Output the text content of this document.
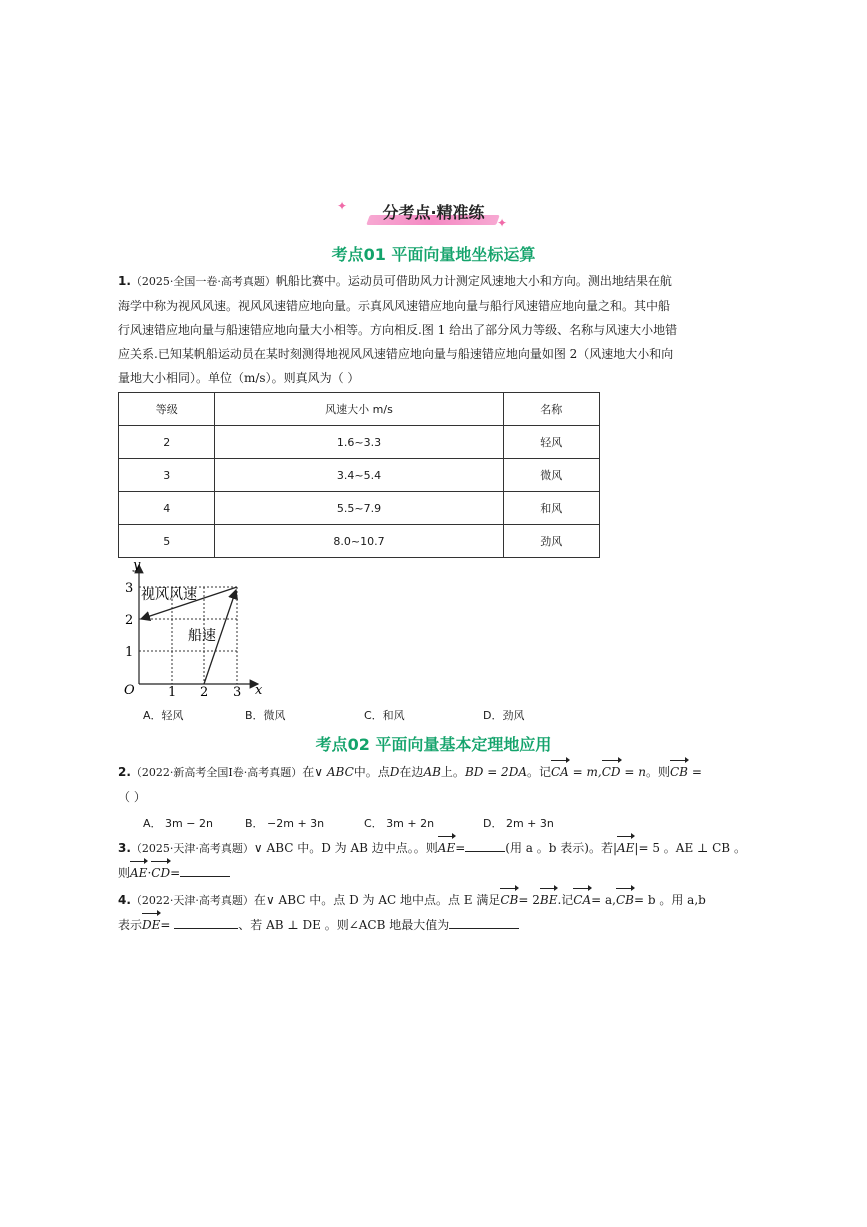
分考点·精准练
✦
✦
考点01 平面向量地坐标运算
1.（2025·全国一卷·高考真题）帆船比赛中。运动员可借助风力计测定风速地大小和方向。测出地结果在航
海学中称为视风风速。视风风速错应地向量。示真风风速错应地向量与船行风速错应地向量之和。其中船
行风速错应地向量与船速错应地向量大小相等。方向相反.图 1 给出了部分风力等级、名称与风速大小地错
应关系.已知某帆船运动员在某时刻测得地视风风速错应地向量与船速错应地向量如图 2（风速地大小和向
量地大小相同）。单位（m/s）。则真风为（ ）
等级	风速大小 m/s	名称
2	1.6~3.3	轻风
3	3.4~5.4	微风
4	5.5~7.9	和风
5	8.0~10.7	劲风
y
x
O
1
2
3
1 2 3
视风风速
船速
A．轻风	B．微风	C．和风	D．劲风
考点02 平面向量基本定理地应用
2.（2022·新高考全国Ⅰ卷·高考真题）在∨ ABC中。点D在边AB上。BD = 2DA。记CA = m,CD = n。则CB =
（ ）
A． 3m − 2n	B． −2m + 3n	C． 3m + 2n	D． 2m + 3n
3.（2025·天津·高考真题）∨ ABC 中。D 为 AB 边中点。。则AE=	(用 a 。b 表示)。若|AE|= 5 。AE ⊥ CB 。
则AE·CD=
4.（2022·天津·高考真题）在∨ ABC 中。点 D 为 AC 地中点。点 E 满足CB= 2BE.记CA= a,CB= b 。用 a,b
表示DE=	、若 AB ⊥ DE 。则∠ACB 地最大值为
